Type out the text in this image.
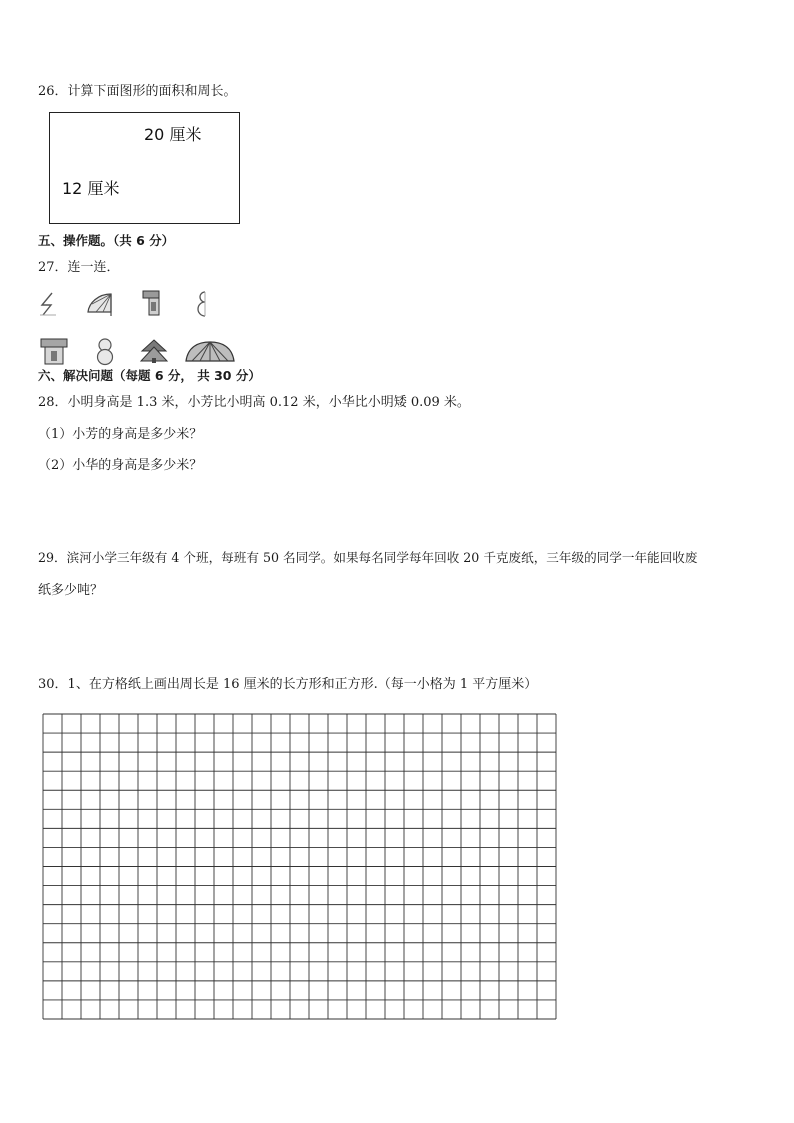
26．计算下面图形的面积和周长。
20 厘米
12 厘米
五、操作题。（共 6 分）
27．连一连．
六、解决问题（每题 6 分， 共 30 分）
28．小明身高是 1.3 米，小芳比小明高 0.12 米，小华比小明矮 0.09 米。
（1）小芳的身高是多少米？
（2）小华的身高是多少米？
29．滨河小学三年级有 4 个班，每班有 50 名同学。如果每名同学每年回收 20 千克废纸，三年级的同学一年能回收废
纸多少吨？
30．1、在方格纸上画出周长是 16 厘米的长方形和正方形.（每一小格为 1 平方厘米）
